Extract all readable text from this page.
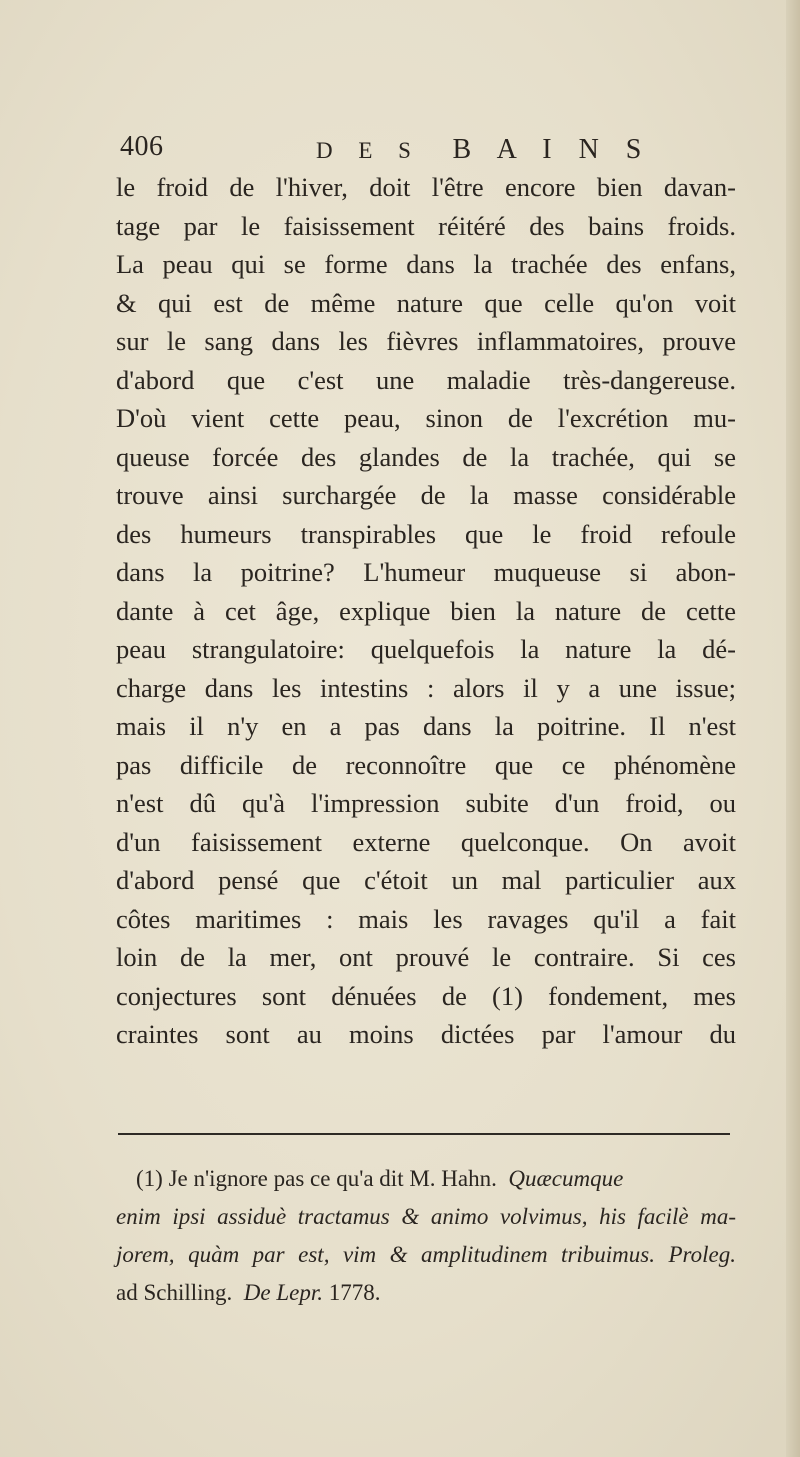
406	D E S B A I N S
le froid de l'hiver, doit l'être encore bien davan-
tage par le faisissement réitéré des bains froids.
La peau qui se forme dans la trachée des enfans,
& qui est de même nature que celle qu'on voit
sur le sang dans les fièvres inflammatoires, prouve
d'abord que c'est une maladie très-dangereuse.
D'où vient cette peau, sinon de l'excrétion mu-
queuse forcée des glandes de la trachée, qui se
trouve ainsi surchargée de la masse considérable
des humeurs transpirables que le froid refoule
dans la poitrine? L'humeur muqueuse si abon-
dante à cet âge, explique bien la nature de cette
peau strangulatoire: quelquefois la nature la dé-
charge dans les intestins : alors il y a une issue;
mais il n'y en a pas dans la poitrine. Il n'est
pas difficile de reconnoître que ce phénomène
n'est dû qu'à l'impression subite d'un froid, ou
d'un faisissement externe quelconque. On avoit
d'abord pensé que c'étoit un mal particulier aux
côtes maritimes : mais les ravages qu'il a fait
loin de la mer, ont prouvé le contraire. Si ces
conjectures sont dénuées de (1) fondement, mes
craintes sont au moins dictées par l'amour du
(1) Je n'ignore pas ce qu'a dit M. Hahn. Quæcumque
enim ipsi assiduè tractamus & animo volvimus, his facilè ma-
jorem, quàm par est, vim & amplitudinem tribuimus. Proleg.
ad Schilling. De Lepr. 1778.
